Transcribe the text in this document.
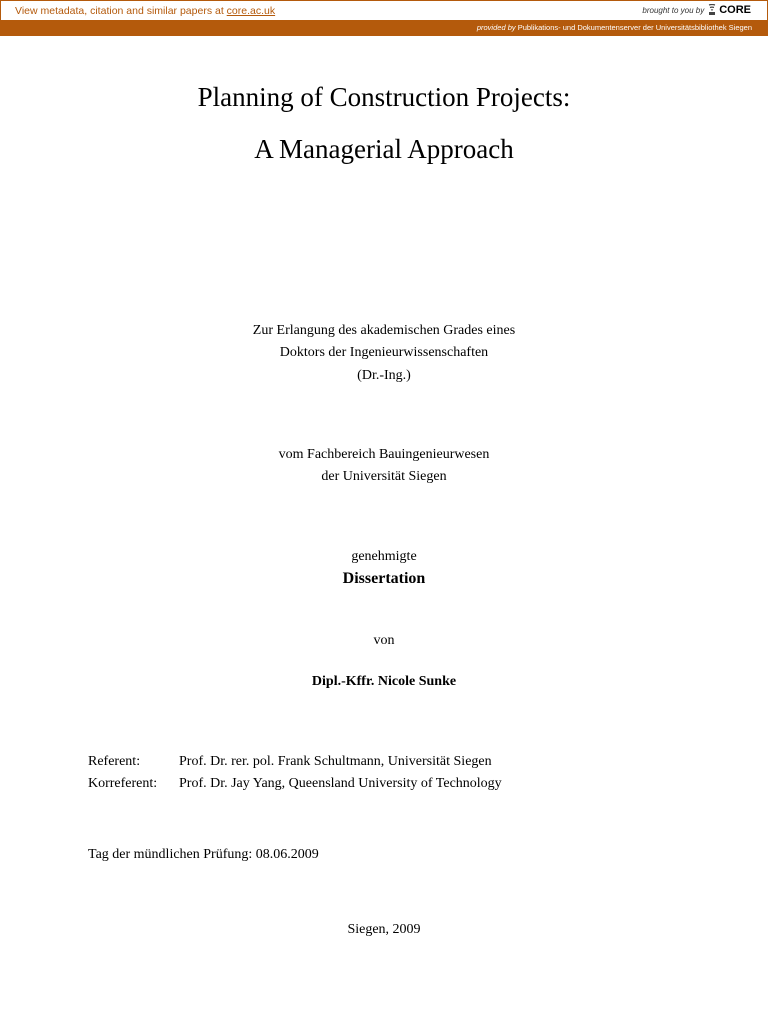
View metadata, citation and similar papers at core.ac.uk	brought to you by CORE
provided by Publikations- und Dokumentenserver der Universitätsbibliothek Siegen
Planning of Construction Projects:
A Managerial Approach
Zur Erlangung des akademischen Grades eines
Doktors der Ingenieurwissenschaften
(Dr.-Ing.)
vom Fachbereich Bauingenieurwesen
der Universität Siegen
genehmigte
Dissertation
von
Dipl.-Kffr. Nicole Sunke
Referent:	Prof. Dr. rer. pol. Frank Schultmann, Universität Siegen
Korreferent: Prof. Dr. Jay Yang, Queensland University of Technology
Tag der mündlichen Prüfung: 08.06.2009
Siegen, 2009
